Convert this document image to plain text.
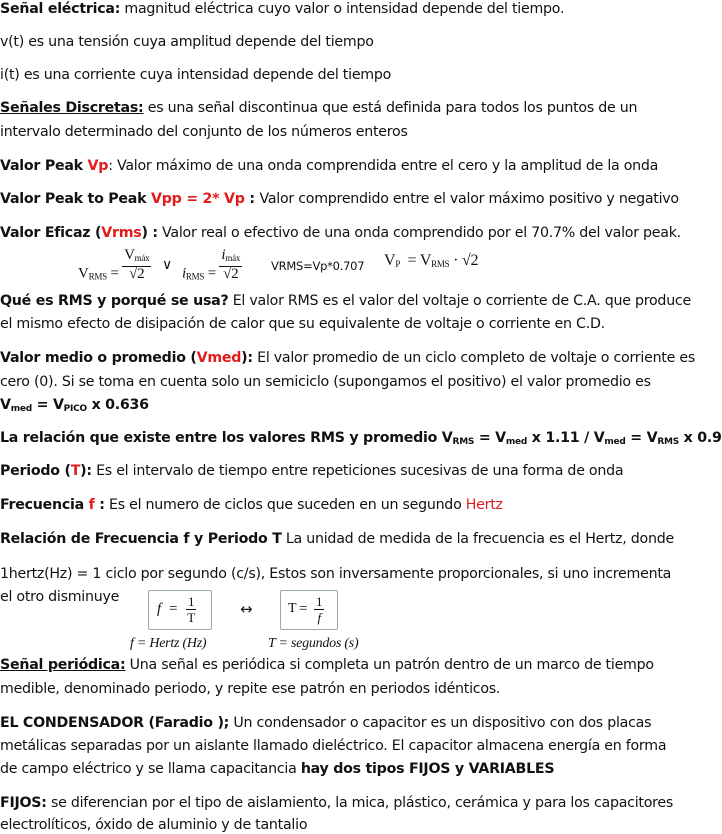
Señal eléctrica: magnitud eléctrica cuyo valor o intensidad depende del tiempo.
v(t) es una tensión cuya amplitud depende del tiempo
i(t) es una corriente cuya intensidad depende del tiempo
Señales Discretas: es una señal discontinua que está definida para todos los puntos de un
intervalo determinado del conjunto de los números enteros
Valor Peak Vp: Valor máximo de una onda comprendida entre el cero y la amplitud de la onda
Valor Peak to Peak Vpp = 2* Vp : Valor comprendido entre el valor máximo positivo y negativo
Valor Eficaz (Vrms) : Valor real o efectivo de una onda comprendido por el 70.7% del valor peak.
$V_{RMS} = \frac{V_{máx}}{√2}$ ∨ $i_{RMS} = \frac{i_{máx}}{√2}$	VRMS=Vp*0.707 $V_P = V_{RMS} \cdot √2$
Qué es RMS y porqué se usa? El valor RMS es el valor del voltaje o corriente de C.A. que produce
el mismo efecto de disipación de calor que su equivalente de voltaje o corriente en C.D.
Valor medio o promedio (Vmed): El valor promedio de un ciclo completo de voltaje o corriente es
cero (0). Si se toma en cuenta solo un semiciclo (supongamos el positivo) el valor promedio es
$V_{med} = V_{PICO}$ x 0.636
La relación que existe entre los valores RMS y promedio $V_{RMS} = V_{med}$ x $1.11 / V_{med} = V_{RMS}$ x 0.9
Periodo (T): Es el intervalo de tiempo entre repeticiones sucesivas de una forma de onda
Frecuencia f : Es el numero de ciclos que suceden en un segundo Hertz
Relación de Frecuencia f y Periodo T La unidad de medida de la frecuencia es el Hertz, donde
1hertz(Hz) = 1 ciclo por segundo (c/s), Estos son inversamente proporcionales, si uno incrementa
el otro disminuye
$f = \frac{1}{T}$	↔	$T = \frac{1}{f}$
f = Hertz (Hz)	T = segundos (s)
Señal periódica: Una señal es periódica si completa un patrón dentro de un marco de tiempo
medible, denominado periodo, y repite ese patrón en periodos idénticos.
EL CONDENSADOR (Faradio ); Un condensador o capacitor es un dispositivo con dos placas
metálicas separadas por un aislante llamado dieléctrico. El capacitor almacena energía en forma
de campo eléctrico y se llama capacitancia hay dos tipos FIJOS y VARIABLES
FIJOS: se diferencian por el tipo de aislamiento, la mica, plástico, cerámica y para los capacitores
electrolíticos, óxido de aluminio y de tantalio
